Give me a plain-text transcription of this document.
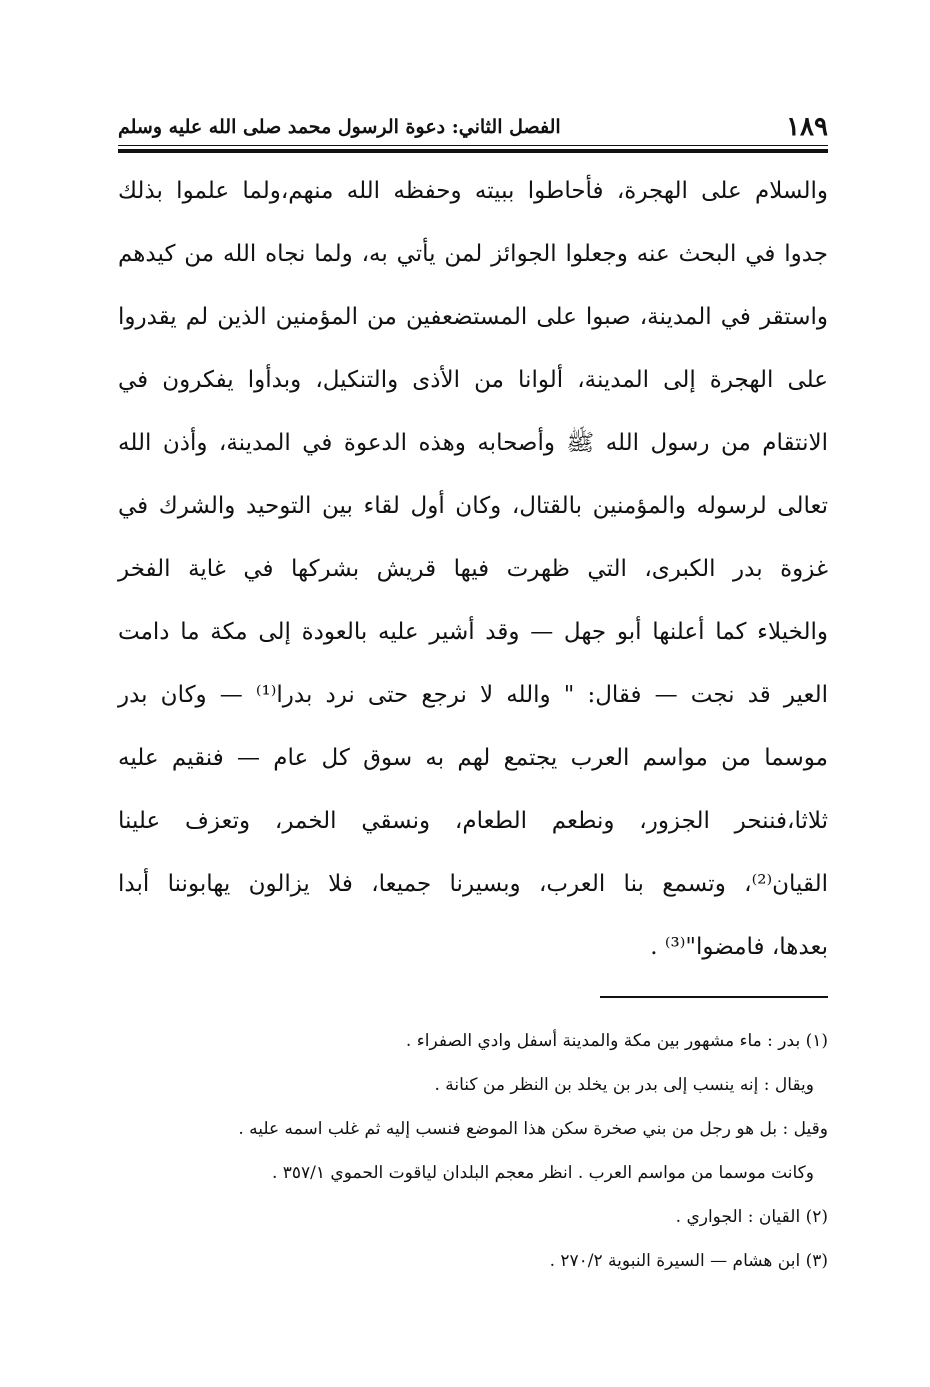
١٨٩
الفصل الثاني: دعوة الرسول محمد صلى الله عليه وسلم
والسلام على الهجرة، فأحاطوا ببيته وحفظه الله منهم،ولما علموا بذلك
جدوا في البحث عنه وجعلوا الجوائز لمن يأتي به، ولما نجاه الله من كيدهم
واستقر في المدينة، صبوا على المستضعفين من المؤمنين الذين لم يقدروا
على الهجرة إلى المدينة، ألوانا من الأذى والتنكيل، وبدأوا يفكرون في
الانتقام من رسول الله ﷺ وأصحابه وهذه الدعوة في المدينة، وأذن الله
تعالى لرسوله والمؤمنين بالقتال، وكان أول لقاء بين التوحيد والشرك في
غزوة بدر الكبرى، التي ظهرت فيها قريش بشركها في غاية الفخر
والخيلاء كما أعلنها أبو جهل — وقد أشير عليه بالعودة إلى مكة ما دامت
العير قد نجت — فقال: " والله لا نرجع حتى نرد بدرا⁽¹⁾ — وكان بدر
موسما من مواسم العرب يجتمع لهم به سوق كل عام — فنقيم عليه
ثلاثا،فننحر الجزور، ونطعم الطعام، ونسقي الخمر، وتعزف علينا
القيان⁽²⁾، وتسمع بنا العرب، وبسيرنا جميعا، فلا يزالون يهابوننا أبدا
بعدها، فامضوا"⁽³⁾ .
(١) بدر : ماء مشهور بين مكة والمدينة أسفل وادي الصفراء .
ويقال : إنه ينسب إلى بدر بن يخلد بن النظر من كنانة .
وقيل : بل هو رجل من بني صخرة سكن هذا الموضع فنسب إليه ثم غلب اسمه عليه .
وكانت موسما من مواسم العرب . انظر معجم البلدان لياقوت الحموي ٣٥٧/١ .
(٢) القيان : الجواري .
(٣) ابن هشام — السيرة النبوية ٢٧٠/٢ .
